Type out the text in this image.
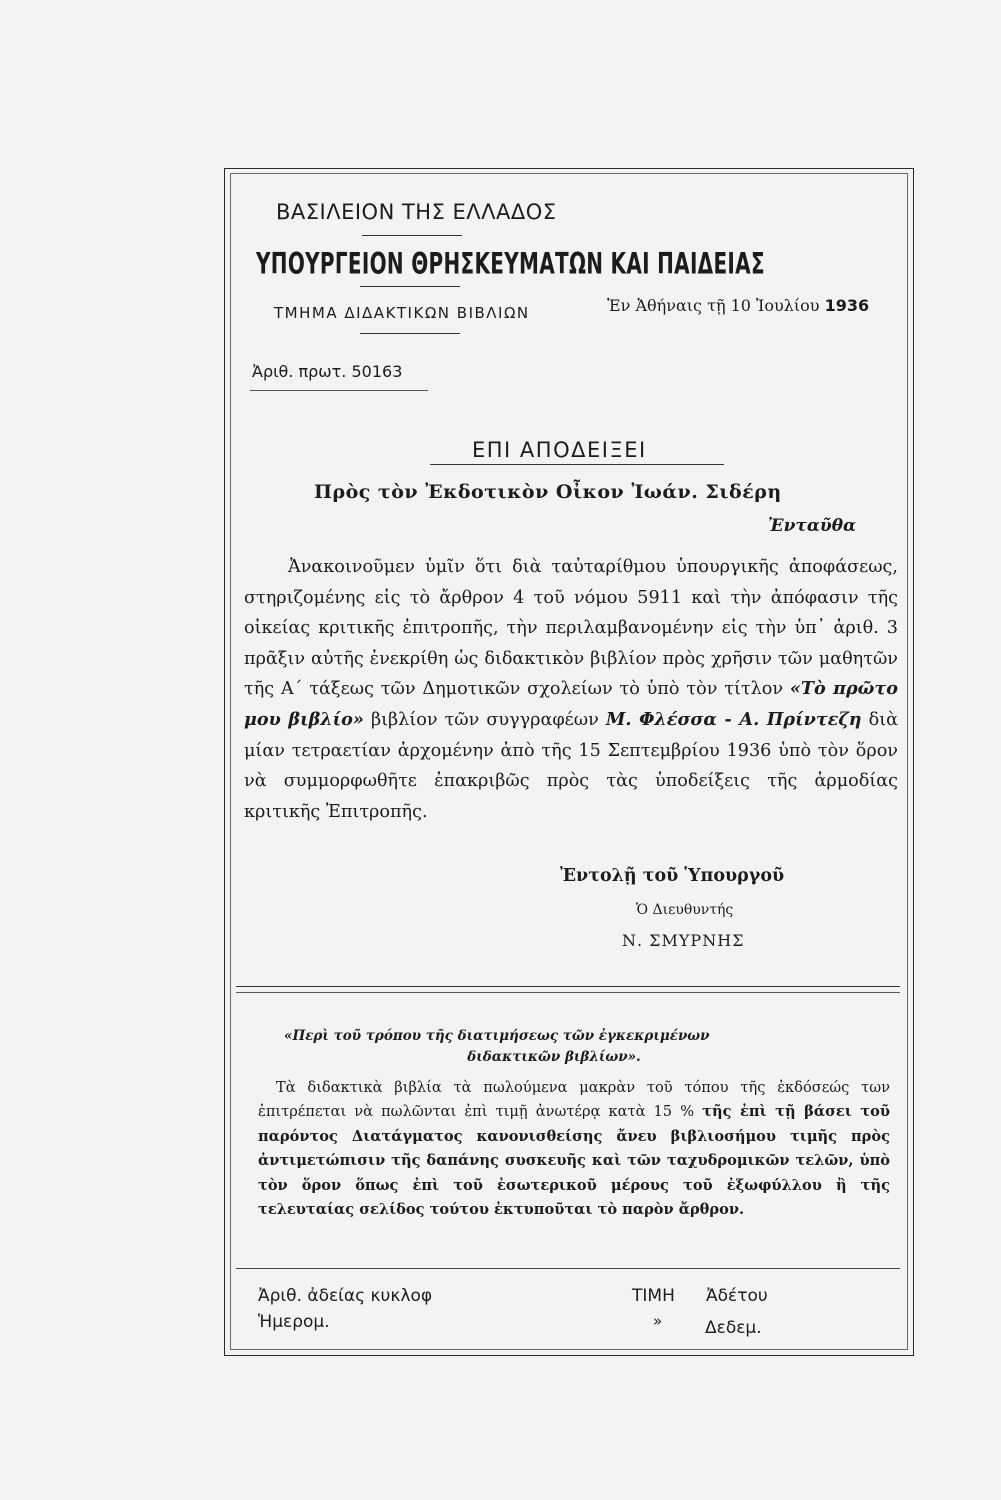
ΒΑΣΙΛΕΙΟΝ ΤΗΣ ΕΛΛΑΔΟΣ
ΥΠΟΥΡΓΕΙΟΝ ΘΡΗΣΚΕΥΜΑΤΩΝ ΚΑΙ ΠΑΙΔΕΙΑΣ
ΤΜΗΜΑ ΔΙΔΑΚΤΙΚΩΝ ΒΙΒΛΙΩΝ	Ἐν Ἀθήναις τῇ 10 Ἰουλίου 1936
Ἀριθ. πρωτ. 50163
ΕΠΙ ΑΠΟΔΕΙΞΕΙ
Πρὸς τὸν Ἐκδοτικὸν Οἶκον Ἰωάν. Σιδέρη
Ἐνταῦθα

Ἀνακοινοῦμεν ὑμῖν ὅτι διὰ ταὐταρίθμου ὑπουργικῆς ἀποφάσεως, στηριζομένης εἰς τὸ ἄρθρον 4 τοῦ νόμου 5911 καὶ τὴν ἀπόφασιν τῆς οἰκείας κριτικῆς ἐπιτροπῆς, τὴν περιλαμβανομένην εἰς τὴν ὑπ᾽ ἀριθ. 3 πρᾶξιν αὐτῆς ἐνεκρίθη ὡς διδακτικὸν βιβλίον πρὸς χρῆσιν τῶν μαθητῶν τῆς Α΄ τάξεως τῶν Δημοτικῶν σχολείων τὸ ὑπὸ τὸν τίτλον «Τὸ πρῶτο μου βιβλίο» βιβλίον τῶν συγγραφέων Μ. Φλέσσα - Α. Πρίντεζη διὰ μίαν τετραετίαν ἀρχομένην ἀπὸ τῆς 15 Σεπτεμβρίου 1936 ὑπὸ τὸν ὅρον νὰ συμμορφωθῆτε ἐπακριβῶς πρὸς τὰς ὑποδείξεις τῆς ἁρμοδίας κριτικῆς Ἐπιτροπῆς.

Ἐντολῇ τοῦ Ὑπουργοῦ
Ὁ Διευθυντής
Ν. ΣΜΥΡΝΗΣ
«Περὶ τοῦ τρόπου τῆς διατιμήσεως τῶν ἐγκεκριμένων
διδακτικῶν βιβλίων».

Τὰ διδακτικὰ βιβλία τὰ πωλούμενα μακρὰν τοῦ τόπου τῆς ἐκδόσεώς των ἐπιτρέπεται νὰ πωλῶνται ἐπὶ τιμῇ ἀνωτέρᾳ κατὰ 15 % τῆς ἐπὶ τῇ βάσει τοῦ παρόντος Διατάγματος κανονισθείσης ἄνευ βιβλιοσήμου τιμῆς πρὸς ἀντιμετώπισιν τῆς δαπάνης συσκευῆς καὶ τῶν ταχυδρομικῶν τελῶν, ὑπὸ τὸν ὅρον ὅπως ἐπὶ τοῦ ἐσωτερικοῦ μέρους τοῦ ἐξωφύλλου ἢ τῆς τελευταίας σελίδος τούτου ἐκτυποῦται τὸ παρὸν ἄρθρον.

Ἀριθ. ἀδείας κυκλοφ
Ἡμερομ.
ΤΙΜΗ Ἀδέτου
»	Δεδεμ.
